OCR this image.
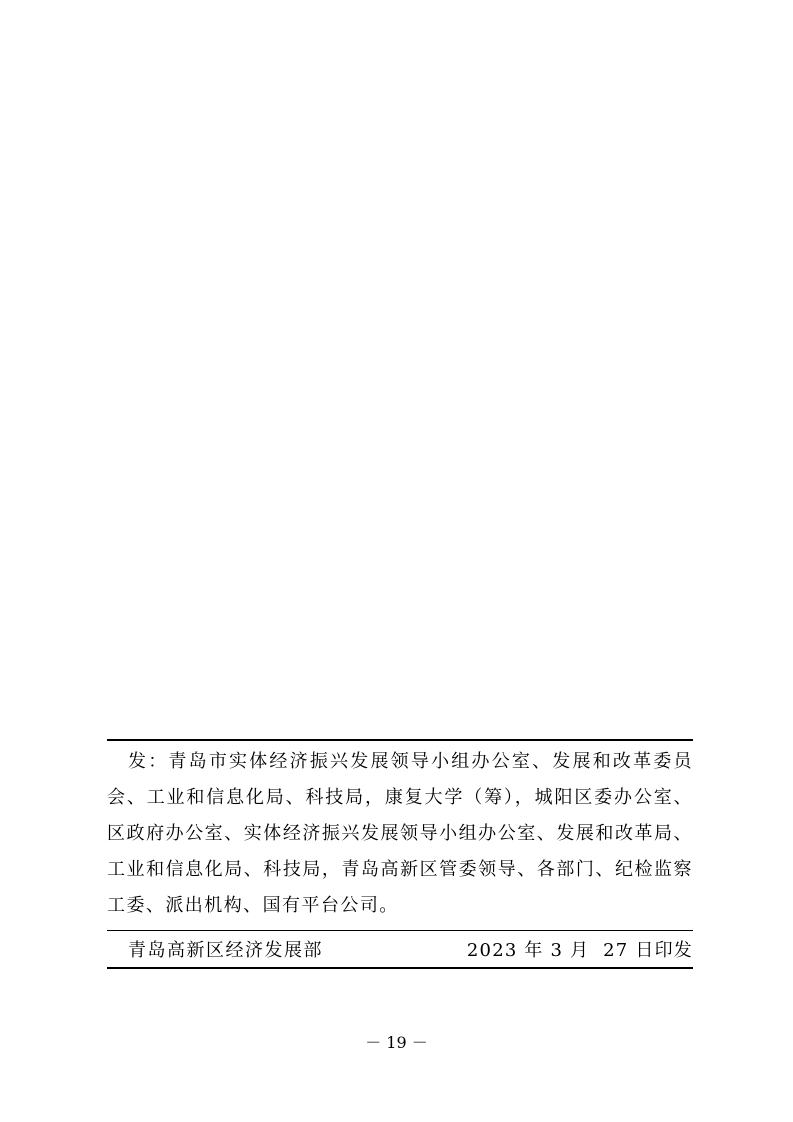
发：青岛市实体经济振兴发展领导小组办公室、发展和改革委员会、工业和信息化局、科技局，康复大学（筹），城阳区委办公室、区政府办公室、实体经济振兴发展领导小组办公室、发展和改革局、工业和信息化局、科技局，青岛高新区管委领导、各部门、纪检监察工委、派出机构、国有平台公司。

青岛高新区经济发展部	2023 年 3 月  27 日印发
－ 19 －
